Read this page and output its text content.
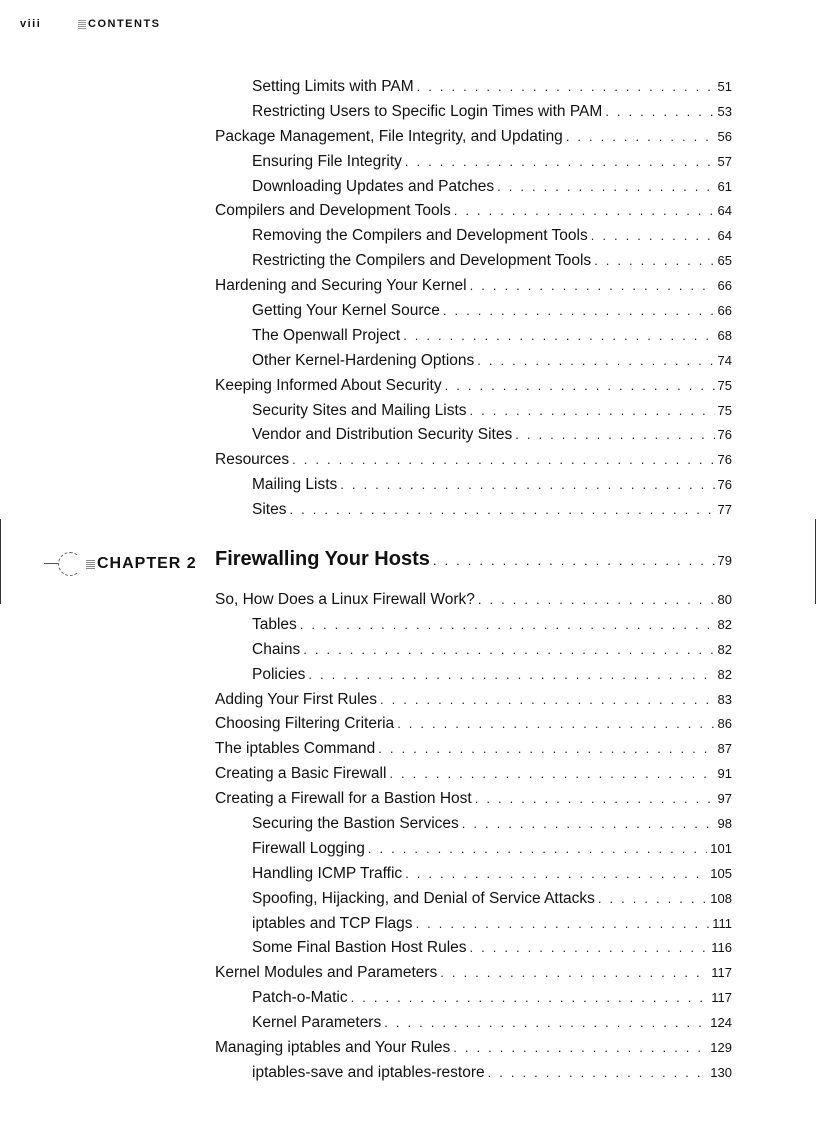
viii	CONTENTS
Setting Limits with PAM . . .	51
Restricting Users to Specific Login Times with PAM . . .	53
Package Management, File Integrity, and Updating . . .	56
Ensuring File Integrity . . .	57
Downloading Updates and Patches . . .	61
Compilers and Development Tools . . .	64
Removing the Compilers and Development Tools . . .	64
Restricting the Compilers and Development Tools . . .	65
Hardening and Securing Your Kernel . . .	66
Getting Your Kernel Source . . .	66
The Openwall Project . . .	68
Other Kernel-Hardening Options . . .	74
Keeping Informed About Security . . .	75
Security Sites and Mailing Lists . . .	75
Vendor and Distribution Security Sites . . .	76
Resources . . .	76
Mailing Lists . . .	76
Sites . . .	77
CHAPTER 2 Firewalling Your Hosts . . .	79
So, How Does a Linux Firewall Work? . . .	80
Tables . . .	82
Chains . . .	82
Policies . . .	82
Adding Your First Rules . . .	83
Choosing Filtering Criteria . . .	86
The iptables Command . . .	87
Creating a Basic Firewall . . .	91
Creating a Firewall for a Bastion Host . . .	97
Securing the Bastion Services . . .	98
Firewall Logging . . .	101
Handling ICMP Traffic . . .	105
Spoofing, Hijacking, and Denial of Service Attacks . . .	108
iptables and TCP Flags . . .	111
Some Final Bastion Host Rules . . .	116
Kernel Modules and Parameters . . .	117
Patch-o-Matic . . .	117
Kernel Parameters . . .	124
Managing iptables and Your Rules . . .	129
iptables-save and iptables-restore . . .	130
